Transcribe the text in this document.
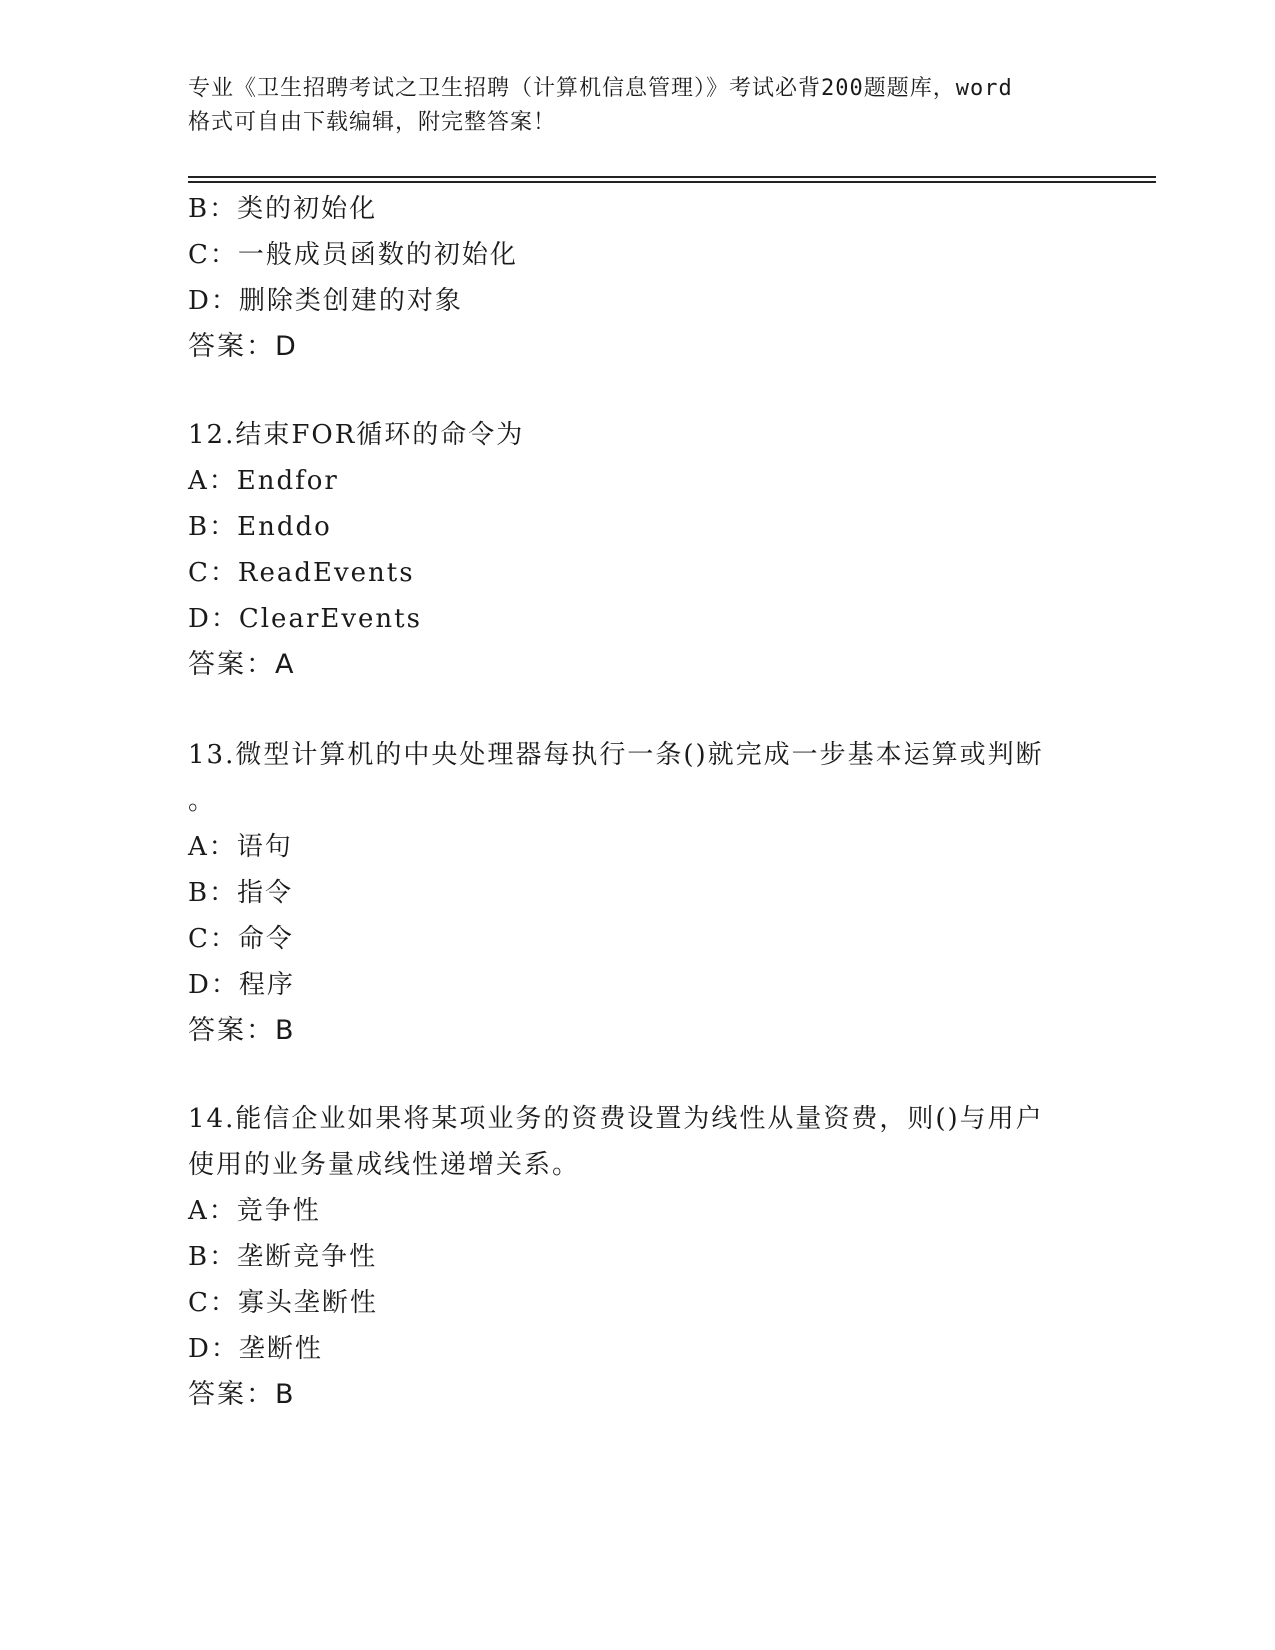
专业《卫生招聘考试之卫生招聘（计算机信息管理）》考试必背200题题库，word
格式可自由下载编辑，附完整答案！
B：类的初始化
C：一般成员函数的初始化
D：删除类创建的对象
答案：D
12.结束FOR循环的命令为
A：Endfor
B：Enddo
C：ReadEvents
D：ClearEvents
答案：A
13.微型计算机的中央处理器每执行一条()就完成一步基本运算或判断
。
A：语句
B：指令
C：命令
D：程序
答案：B
14.能信企业如果将某项业务的资费设置为线性从量资费，则()与用户
使用的业务量成线性递增关系。
A：竞争性
B：垄断竞争性
C：寡头垄断性
D：垄断性
答案：B
